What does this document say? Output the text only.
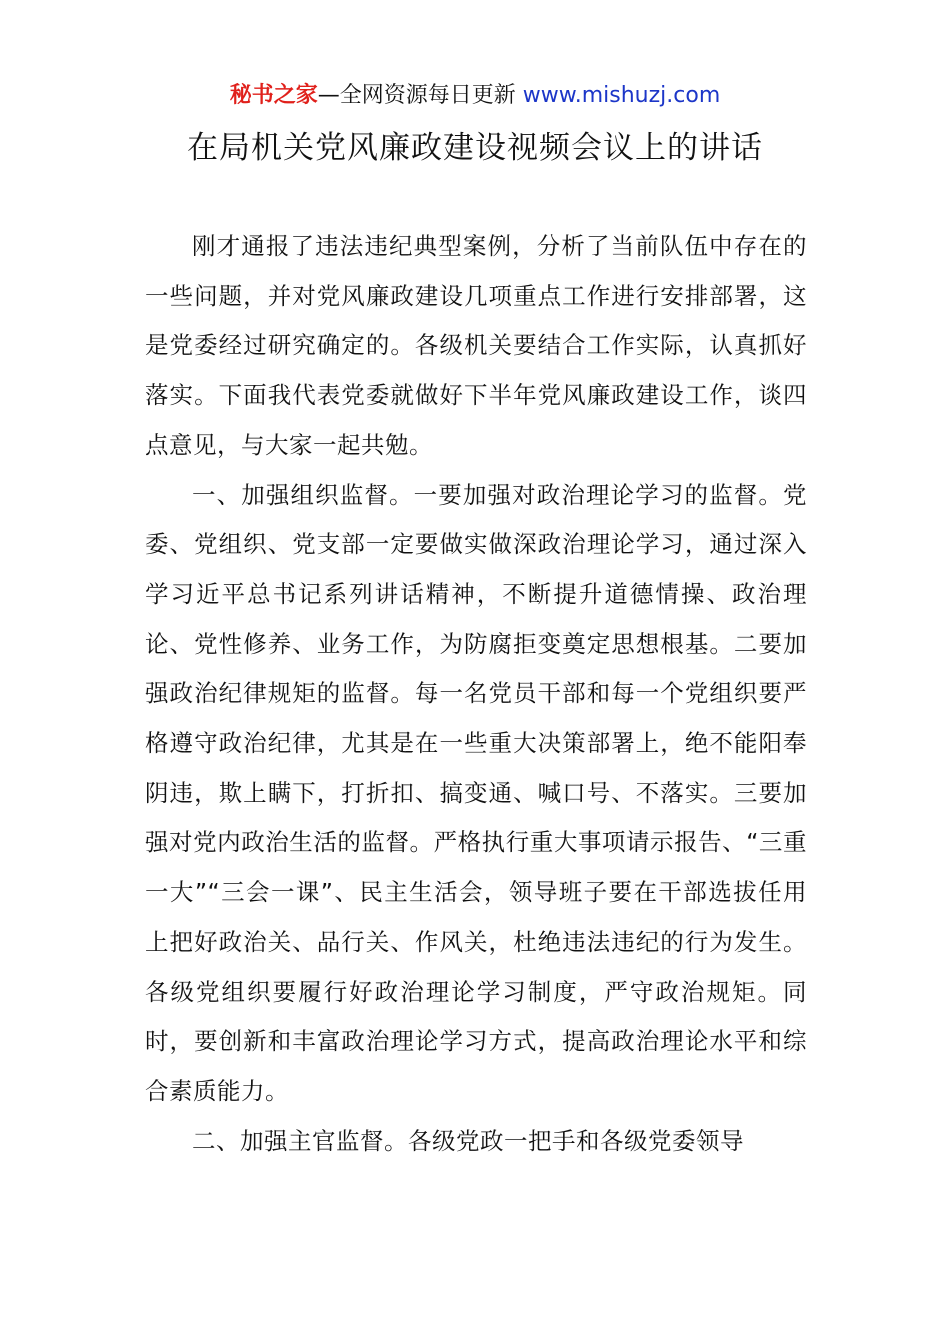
秘书之家—全网资源每日更新 www.mishuzj.com
在局机关党风廉政建设视频会议上的讲话

刚才通报了违法违纪典型案例，分析了当前队伍中存在的一些问题，并对党风廉政建设几项重点工作进行安排部署，这是党委经过研究确定的。各级机关要结合工作实际，认真抓好落实。下面我代表党委就做好下半年党风廉政建设工作，谈四点意见，与大家一起共勉。

一、加强组织监督。一要加强对政治理论学习的监督。党委、党组织、党支部一定要做实做深政治理论学习，通过深入学习近平总书记系列讲话精神，不断提升道德情操、政治理论、党性修养、业务工作，为防腐拒变奠定思想根基。二要加强政治纪律规矩的监督。每一名党员干部和每一个党组织要严格遵守政治纪律，尤其是在一些重大决策部署上，绝不能阳奉阴违，欺上瞒下，打折扣、搞变通、喊口号、不落实。三要加强对党内政治生活的监督。严格执行重大事项请示报告、“三重一大”“三会一课”、民主生活会，领导班子要在干部选拔任用上把好政治关、品行关、作风关，杜绝违法违纪的行为发生。各级党组织要履行好政治理论学习制度，严守政治规矩。同时，要创新和丰富政治理论学习方式，提高政治理论水平和综合素质能力。

二、加强主官监督。各级党政一把手和各级党委领导
